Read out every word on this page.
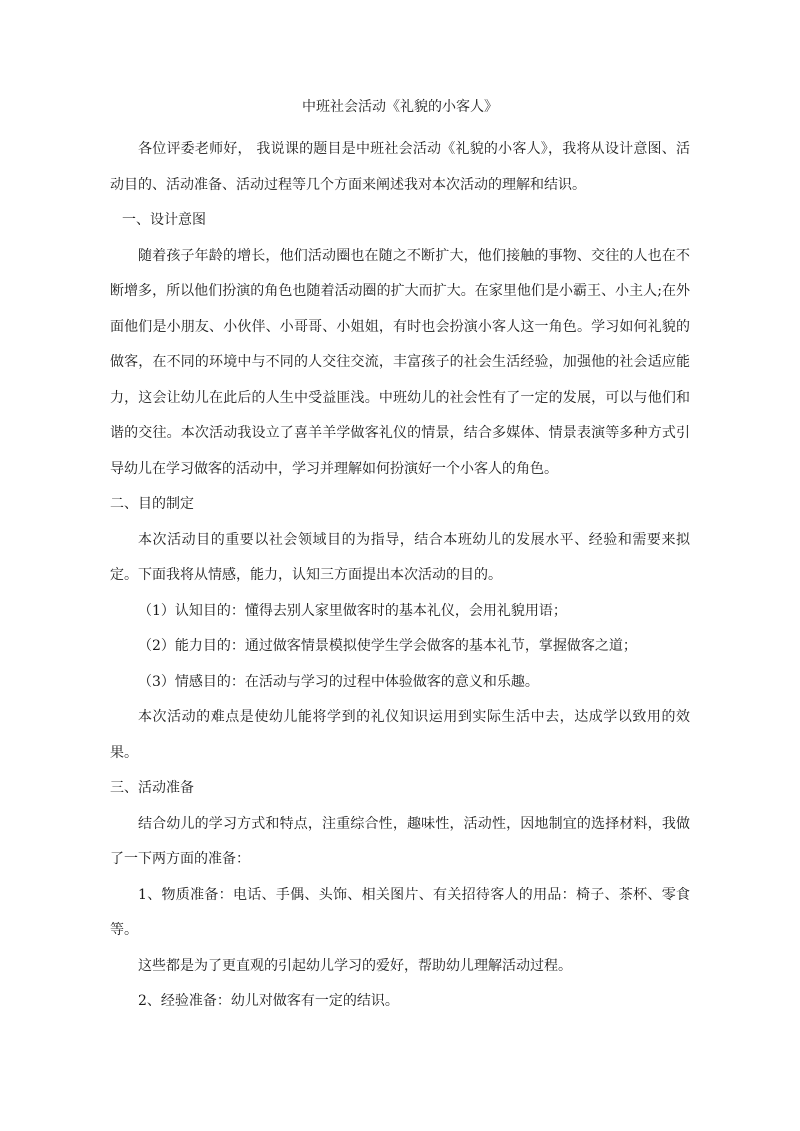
中班社会活动《礼貌的小客人》

各位评委老师好， 我说课的题目是中班社会活动《礼貌的小客人》，我将从设计意图、活动目的、活动准备、活动过程等几个方面来阐述我对本次活动的理解和结识。

一、设计意图

随着孩子年龄的增长，他们活动圈也在随之不断扩大，他们接触的事物、交往的人也在不断增多，所以他们扮演的角色也随着活动圈的扩大而扩大。在家里他们是小霸王、小主人;在外面他们是小朋友、小伙伴、小哥哥、小姐姐，有时也会扮演小客人这一角色。学习如何礼貌的做客，在不同的环境中与不同的人交往交流，丰富孩子的社会生活经验，加强他的社会适应能力，这会让幼儿在此后的人生中受益匪浅。中班幼儿的社会性有了一定的发展，可以与他们和谐的交往。本次活动我设立了喜羊羊学做客礼仪的情景，结合多媒体、情景表演等多种方式引导幼儿在学习做客的活动中，学习并理解如何扮演好一个小客人的角色。

二、目的制定

本次活动目的重要以社会领域目的为指导，结合本班幼儿的发展水平、经验和需要来拟定。下面我将从情感，能力，认知三方面提出本次活动的目的。

（1）认知目的：懂得去别人家里做客时的基本礼仪，会用礼貌用语；

（2）能力目的：通过做客情景模拟使学生学会做客的基本礼节，掌握做客之道；

（3）情感目的：在活动与学习的过程中体验做客的意义和乐趣。

本次活动的难点是使幼儿能将学到的礼仪知识运用到实际生活中去，达成学以致用的效果。

三、活动准备

结合幼儿的学习方式和特点，注重综合性，趣味性，活动性，因地制宜的选择材料，我做了一下两方面的准备：

1、物质准备：电话、手偶、头饰、相关图片、有关招待客人的用品：椅子、茶杯、零食等。

这些都是为了更直观的引起幼儿学习的爱好，帮助幼儿理解活动过程。

2、经验准备：幼儿对做客有一定的结识。
